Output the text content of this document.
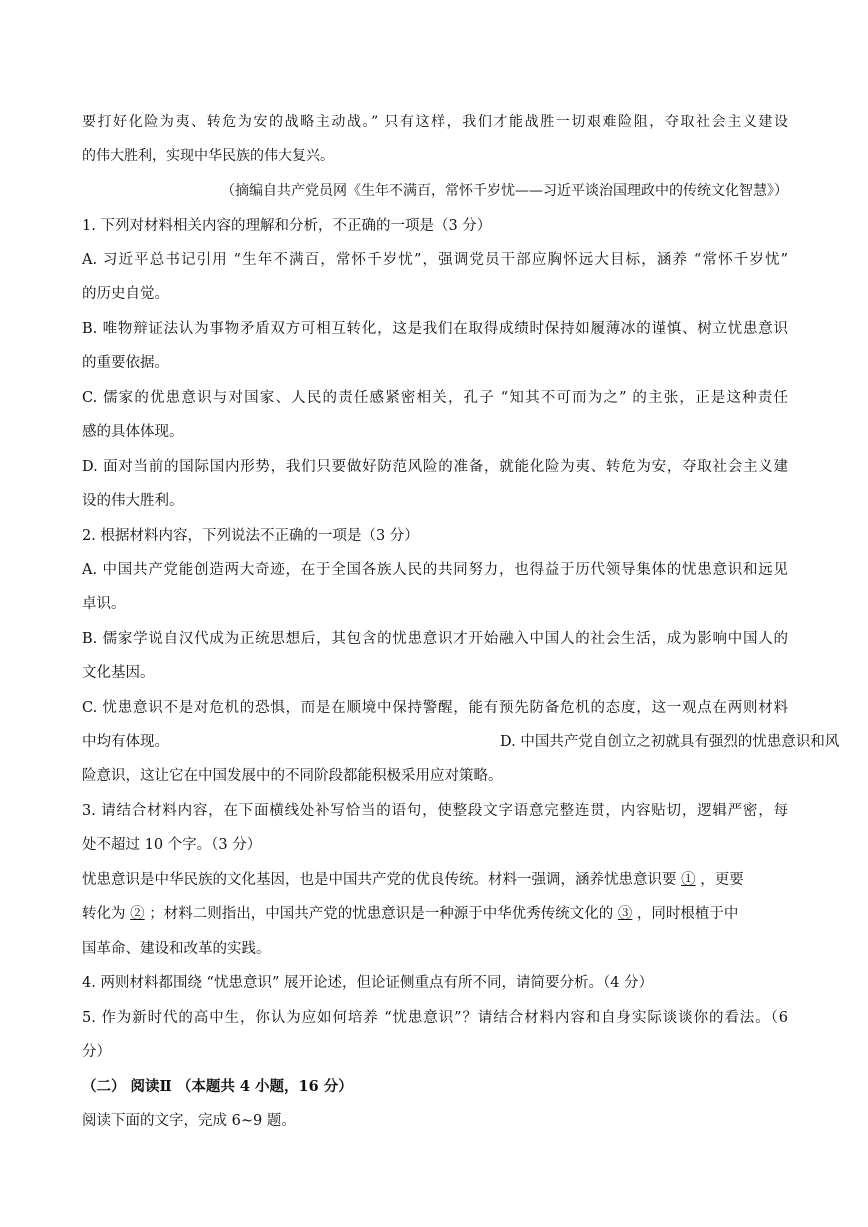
要打好化险为夷、转危为安的战略主动战。” 只有这样，我们才能战胜一切艰难险阻，夺取社会主义建设
的伟大胜利，实现中华民族的伟大复兴。
（摘编自共产党员网《生年不满百，常怀千岁忧——习近平谈治国理政中的传统文化智慧》）
1. 下列对材料相关内容的理解和分析，不正确的一项是（3 分）
A. 习近平总书记引用 “生年不满百，常怀千岁忧”，强调党员干部应胸怀远大目标，涵养 “常怀千岁忧”
的历史自觉。
B. 唯物辩证法认为事物矛盾双方可相互转化，这是我们在取得成绩时保持如履薄冰的谨慎、树立忧患意识
的重要依据。
C. 儒家的优患意识与对国家、人民的责任感紧密相关，孔子 “知其不可而为之” 的主张，正是这种责任
感的具体体现。
D. 面对当前的国际国内形势，我们只要做好防范风险的准备，就能化险为夷、转危为安，夺取社会主义建
设的伟大胜利。
2. 根据材料内容，下列说法不正确的一项是（3 分）
A. 中国共产党能创造两大奇迹，在于全国各族人民的共同努力，也得益于历代领导集体的忧患意识和远见
卓识。
B. 儒家学说自汉代成为正统思想后，其包含的忧患意识才开始融入中国人的社会生活，成为影响中国人的
文化基因。
C. 忧患意识不是对危机的恐惧，而是在顺境中保持警醒，能有预先防备危机的态度，这一观点在两则材料
中均有体现。	D. 中国共产党自创立之初就具有强烈的忧患意识和风
险意识，这让它在中国发展中的不同阶段都能积极采用应对策略。
3. 请结合材料内容，在下面横线处补写恰当的语句，使整段文字语意完整连贯，内容贴切，逻辑严密，每
处不超过 10 个字。（3 分）
忧患意识是中华民族的文化基因，也是中国共产党的优良传统。材料一强调，涵养忧患意识要 ① ，更要
转化为 ② ；材料二则指出，中国共产党的忧患意识是一种源于中华优秀传统文化的 ③ ，同时根植于中
国革命、建设和改革的实践。
4. 两则材料都围绕 “忧患意识” 展开论述，但论证侧重点有所不同，请简要分析。（4 分）
5. 作为新时代的高中生，你认为应如何培养 “忧患意识”？请结合材料内容和自身实际谈谈你的看法。（6
分）
（二） 阅读Ⅱ （本题共 4 小题，16 分）
阅读下面的文字，完成 6~9 题。
